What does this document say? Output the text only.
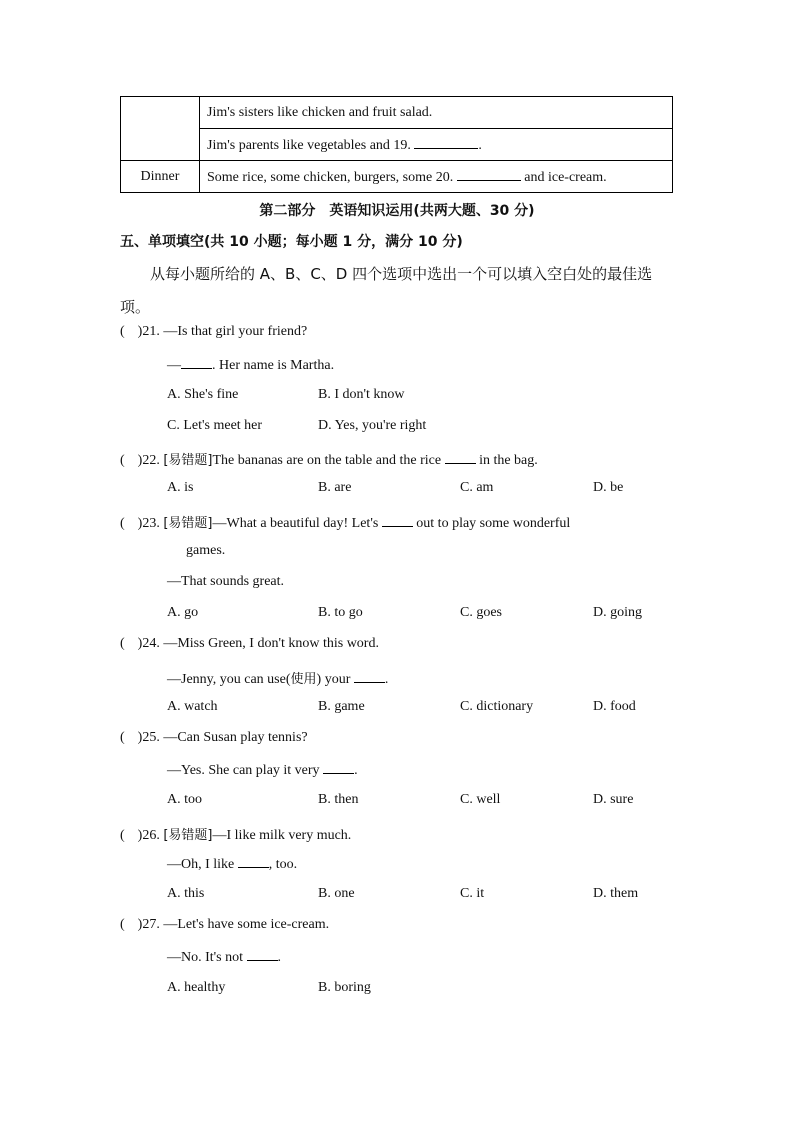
	Jim's sisters like chicken and fruit salad.
	Jim's parents like vegetables and 19. .
Dinner	Some rice, some chicken, burgers, some 20. and ice-cream.
第二部分　英语知识运用(共两大题、30 分)
五、单项填空(共 10 小题；每小题 1 分，满分 10 分)
从每小题所给的 A、B、C、D 四个选项中选出一个可以填入空白处的最佳选项。
( )21. —Is that girl your friend?
— . Her name is Martha.
A. She's fine	B. I don't know
C. Let's meet her	D. Yes, you're right
( )22. [易错题]The bananas are on the table and the rice  in the bag.
A. is	B. are	C. am	D. be
( )23. [易错题]—What a beautiful day! Let's  out to play some wonderful
games.
—That sounds great.
A. go	B. to go	C. goes	D. going
( )24. —Miss Green, I don't know this word.
—Jenny, you can use(使用) your .
A. watch	B. game	C. dictionary	D. food
( )25. —Can Susan play tennis?
—Yes. She can play it very .
A. too	B. then	C. well	D. sure
( )26. [易错题]—I like milk very much.
—Oh, I like , too.
A. this	B. one	C. it	D. them
( )27. —Let's have some ice-cream.
—No. It's not .
A. healthy	B. boring
